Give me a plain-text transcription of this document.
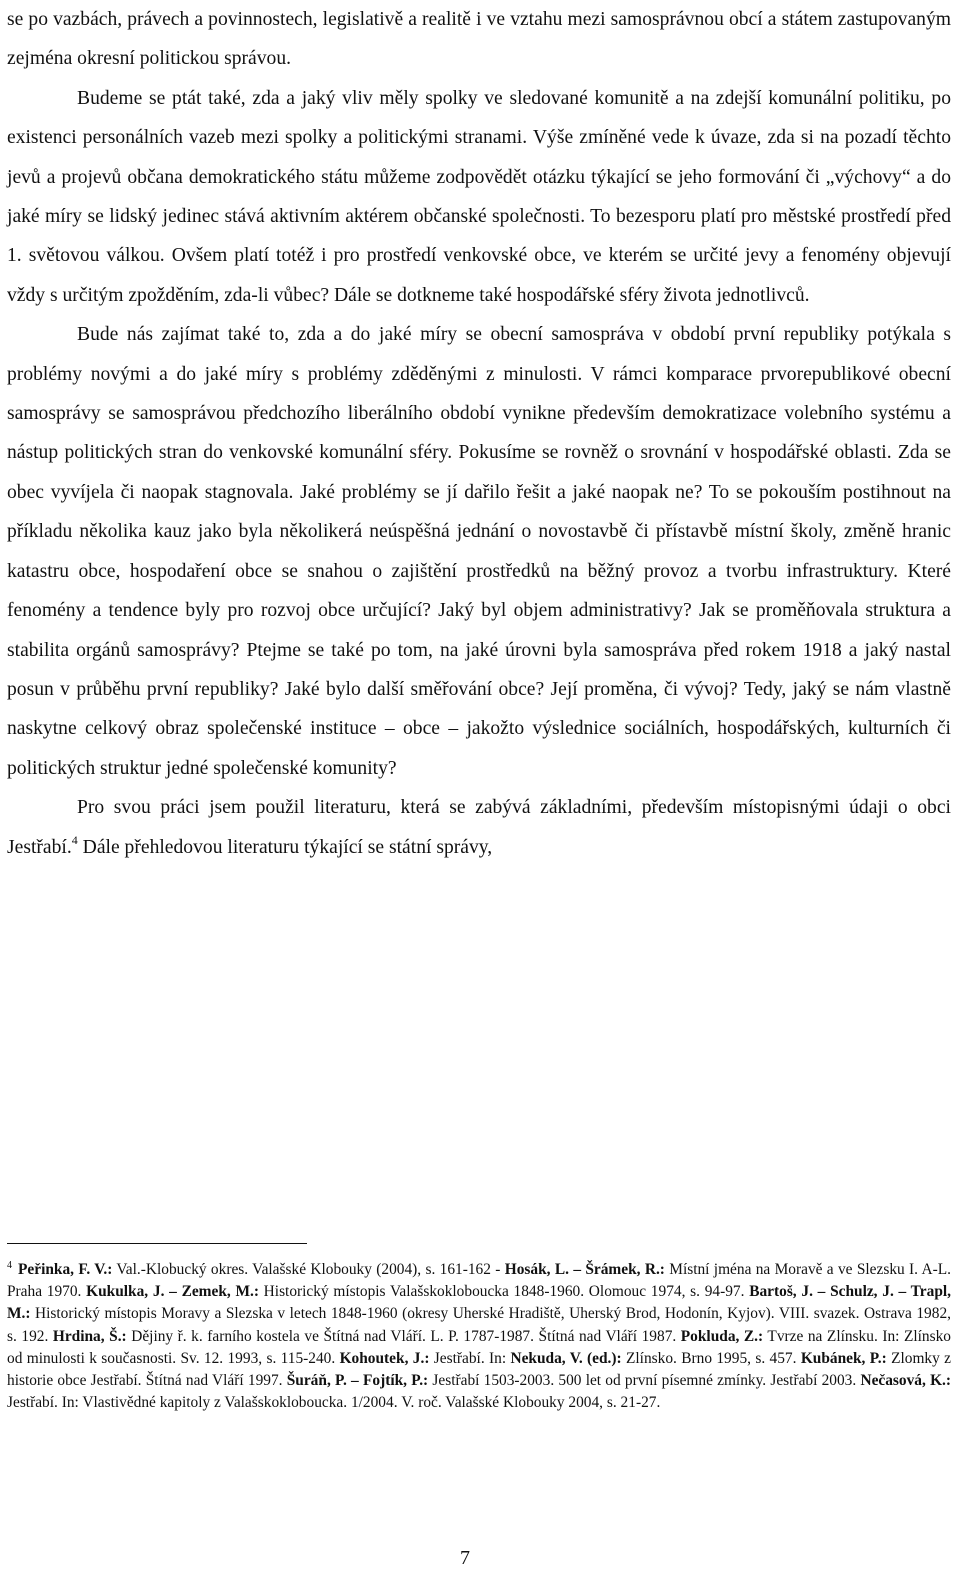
se po vazbách, právech a povinnostech, legislativě a realitě i ve vztahu mezi samosprávnou obcí a státem zastupovaným zejména okresní politickou správou.

Budeme se ptát také, zda a jaký vliv měly spolky ve sledované komunitě a na zdejší komunální politiku, po existenci personálních vazeb mezi spolky a politickými stranami. Výše zmíněné vede k úvaze, zda si na pozadí těchto jevů a projevů občana demokratického státu můžeme zodpovědět otázku týkající se jeho formování či „výchovy“ a do jaké míry se lidský jedinec stává aktivním aktérem občanské společnosti. To bezesporu platí pro městské prostředí před 1. světovou válkou. Ovšem platí totéž i pro prostředí venkovské obce, ve kterém se určité jevy a fenomény objevují vždy s určitým zpožděním, zda-li vůbec? Dále se dotkneme také hospodářské sféry života jednotlivců.

Bude nás zajímat také to, zda a do jaké míry se obecní samospráva v období první republiky potýkala s problémy novými a do jaké míry s problémy zděděnými z minulosti. V rámci komparace prvorepublikové obecní samosprávy se samosprávou předchozího liberálního období vynikne především demokratizace volebního systému a nástup politických stran do venkovské komunální sféry. Pokusíme se rovněž o srovnání v hospodářské oblasti. Zda se obec vyvíjela či naopak stagnovala. Jaké problémy se jí dařilo řešit a jaké naopak ne? To se pokouším postihnout na příkladu několika kauz jako byla několikerá neúspěšná jednání o novostavbě či přístavbě místní školy, změně hranic katastru obce, hospodaření obce se snahou o zajištění prostředků na běžný provoz a tvorbu infrastruktury. Které fenomény a tendence byly pro rozvoj obce určující? Jaký byl objem administrativy? Jak se proměňovala struktura a stabilita orgánů samosprávy? Ptejme se také po tom, na jaké úrovni byla samospráva před rokem 1918 a jaký nastal posun v průběhu první republiky? Jaké bylo další směřování obce? Její proměna, či vývoj? Tedy, jaký se nám vlastně naskytne celkový obraz společenské instituce – obce – jakožto výslednice sociálních, hospodářských, kulturních či politických struktur jedné společenské komunity?

Pro svou práci jsem použil literaturu, která se zabývá základními, především místopisnými údaji o obci Jestřabí.$^4$ Dále přehledovou literaturu týkající se státní správy,

$^4$ Peřinka, F. V.: Val.-Klobucký okres. Valašské Klobouky (2004), s. 161-162 - Hosák, L. – Šrámek, R.: Místní jména na Moravě a ve Slezsku I. A-L. Praha 1970. Kukulka, J. – Zemek, M.: Historický místopis Valašskokloboucka 1848-1960. Olomouc 1974, s. 94-97. Bartoš, J. – Schulz, J. – Trapl, M.: Historický místopis Moravy a Slezska v letech 1848-1960 (okresy Uherské Hradiště, Uherský Brod, Hodonín, Kyjov). VIII. svazek. Ostrava 1982, s. 192. Hrdina, Š.: Dějiny ř. k. farního kostela ve Štítná nad Vláří. L. P. 1787-1987. Štítná nad Vláří 1987. Pokluda, Z.: Tvrze na Zlínsku. In: Zlínsko od minulosti k současnosti. Sv. 12. 1993, s. 115-240. Kohoutek, J.: Jestřabí. In: Nekuda, V. (ed.): Zlínsko. Brno 1995, s. 457. Kubánek, P.: Zlomky z historie obce Jestřabí. Štítná nad Vláří 1997. Šuráň, P. – Fojtík, P.: Jestřabí 1503-2003. 500 let od první písemné zmínky. Jestřabí 2003. Nečasová, K.: Jestřabí. In: Vlastivědné kapitoly z Valašskoklobouckа. 1/2004. V. roč. Valašské Klobouky 2004, s. 21-27.

7
